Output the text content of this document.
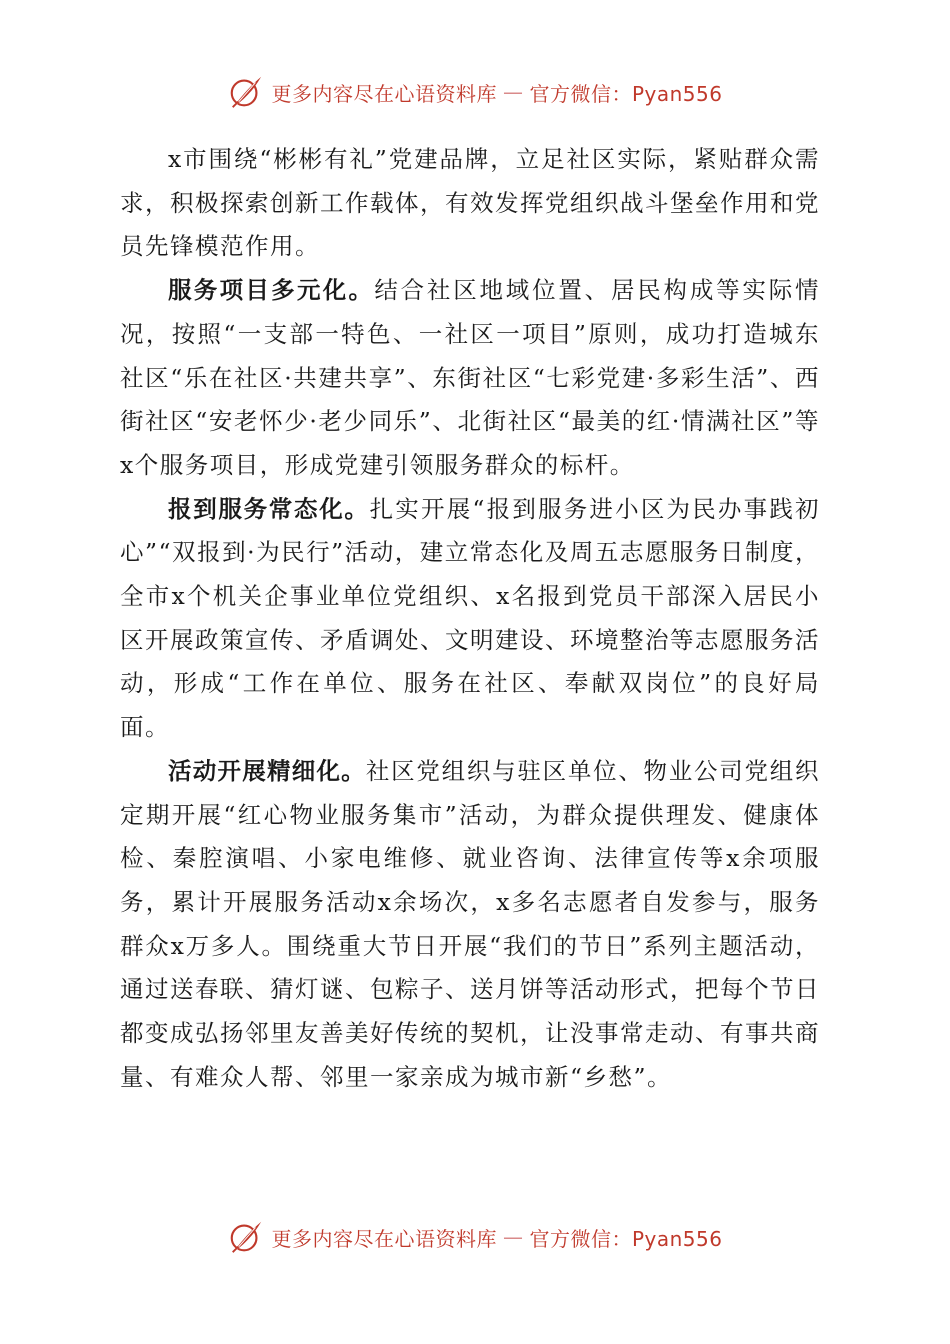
更多内容尽在心语资料库 — 官方微信：Pyan556

x市围绕“彬彬有礼”党建品牌，立足社区实际，紧贴群众需求，积极探索创新工作载体，有效发挥党组织战斗堡垒作用和党员先锋模范作用。

服务项目多元化。结合社区地域位置、居民构成等实际情况，按照“一支部一特色、一社区一项目”原则，成功打造城东社区“乐在社区·共建共享”、东街社区“七彩党建·多彩生活”、西街社区“安老怀少·老少同乐”、北街社区“最美的红·情满社区”等x个服务项目，形成党建引领服务群众的标杆。

报到服务常态化。扎实开展“报到服务进小区为民办事践初心”“双报到·为民行”活动，建立常态化及周五志愿服务日制度，全市x个机关企事业单位党组织、x名报到党员干部深入居民小区开展政策宣传、矛盾调处、文明建设、环境整治等志愿服务活动，形成“工作在单位、服务在社区、奉献双岗位”的良好局面。

活动开展精细化。社区党组织与驻区单位、物业公司党组织定期开展“红心物业服务集市”活动，为群众提供理发、健康体检、秦腔演唱、小家电维修、就业咨询、法律宣传等x余项服务，累计开展服务活动x余场次，x多名志愿者自发参与，服务群众x万多人。围绕重大节日开展“我们的节日”系列主题活动，通过送春联、猜灯谜、包粽子、送月饼等活动形式，把每个节日都变成弘扬邻里友善美好传统的契机，让没事常走动、有事共商量、有难众人帮、邻里一家亲成为城市新“乡愁”。

更多内容尽在心语资料库 — 官方微信：Pyan556
